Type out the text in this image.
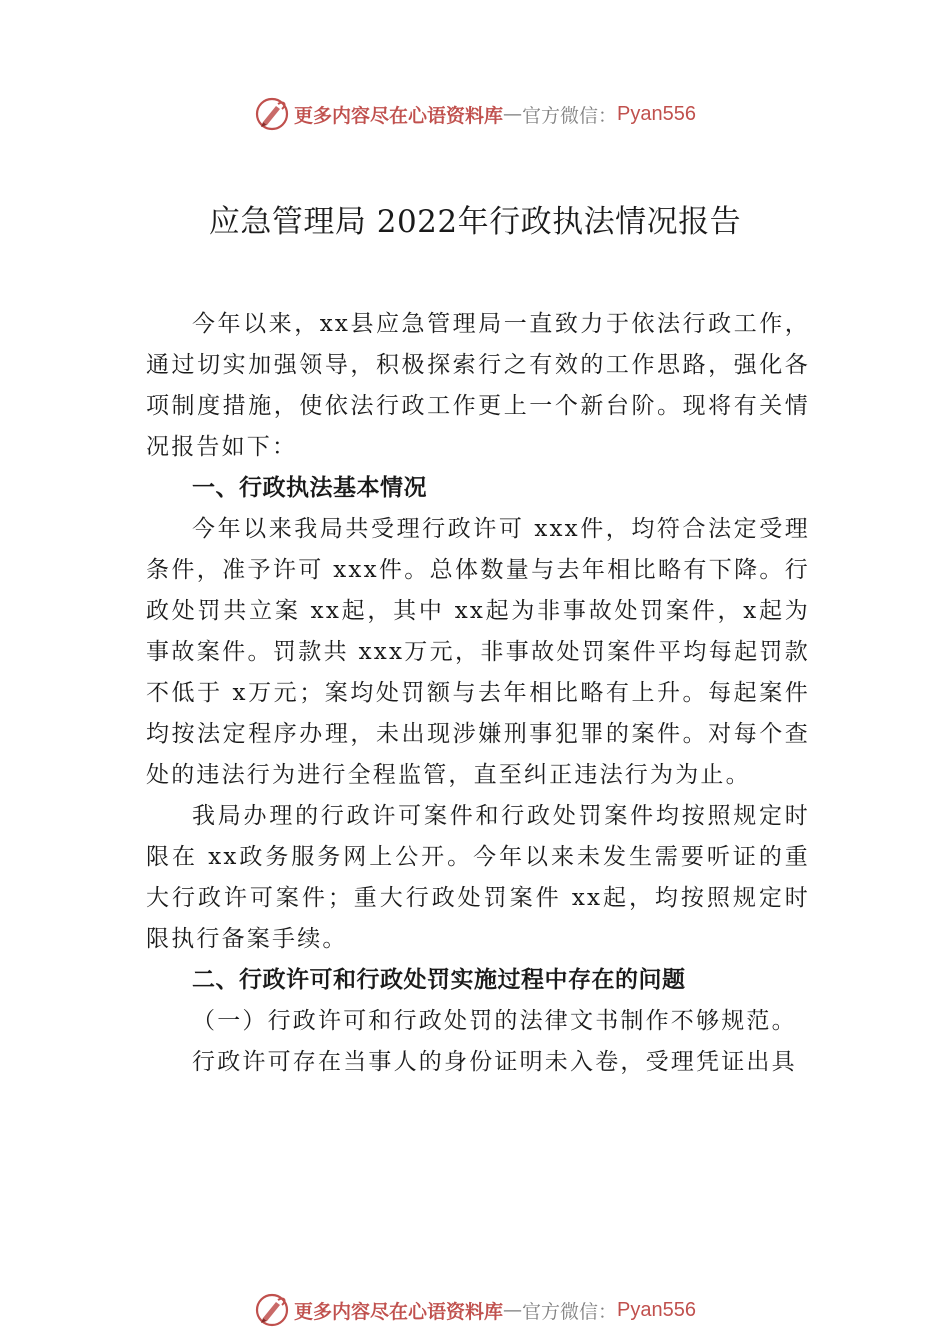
更多内容尽在心语资料库 — 官方微信： Pyan556
应急管理局 2022年行政执法情况报告

今年以来，xx县应急管理局一直致力于依法行政工作，通过切实加强领导，积极探索行之有效的工作思路，强化各项制度措施，使依法行政工作更上一个新台阶。现将有关情况报告如下：

一、行政执法基本情况

今年以来我局共受理行政许可 xxx件，均符合法定受理条件，准予许可 xxx件。总体数量与去年相比略有下降。行政处罚共立案 xx起，其中 xx起为非事故处罚案件，x起为事故案件。罚款共 xxx万元，非事故处罚案件平均每起罚款不低于 x万元；案均处罚额与去年相比略有上升。每起案件均按法定程序办理，未出现涉嫌刑事犯罪的案件。对每个查处的违法行为进行全程监管，直至纠正违法行为为止。

我局办理的行政许可案件和行政处罚案件均按照规定时限在 xx政务服务网上公开。今年以来未发生需要听证的重大行政许可案件；重大行政处罚案件 xx起，均按照规定时限执行备案手续。

二、行政许可和行政处罚实施过程中存在的问题

（一）行政许可和行政处罚的法律文书制作不够规范。

行政许可存在当事人的身份证明未入卷，受理凭证出具

更多内容尽在心语资料库 — 官方微信： Pyan556
